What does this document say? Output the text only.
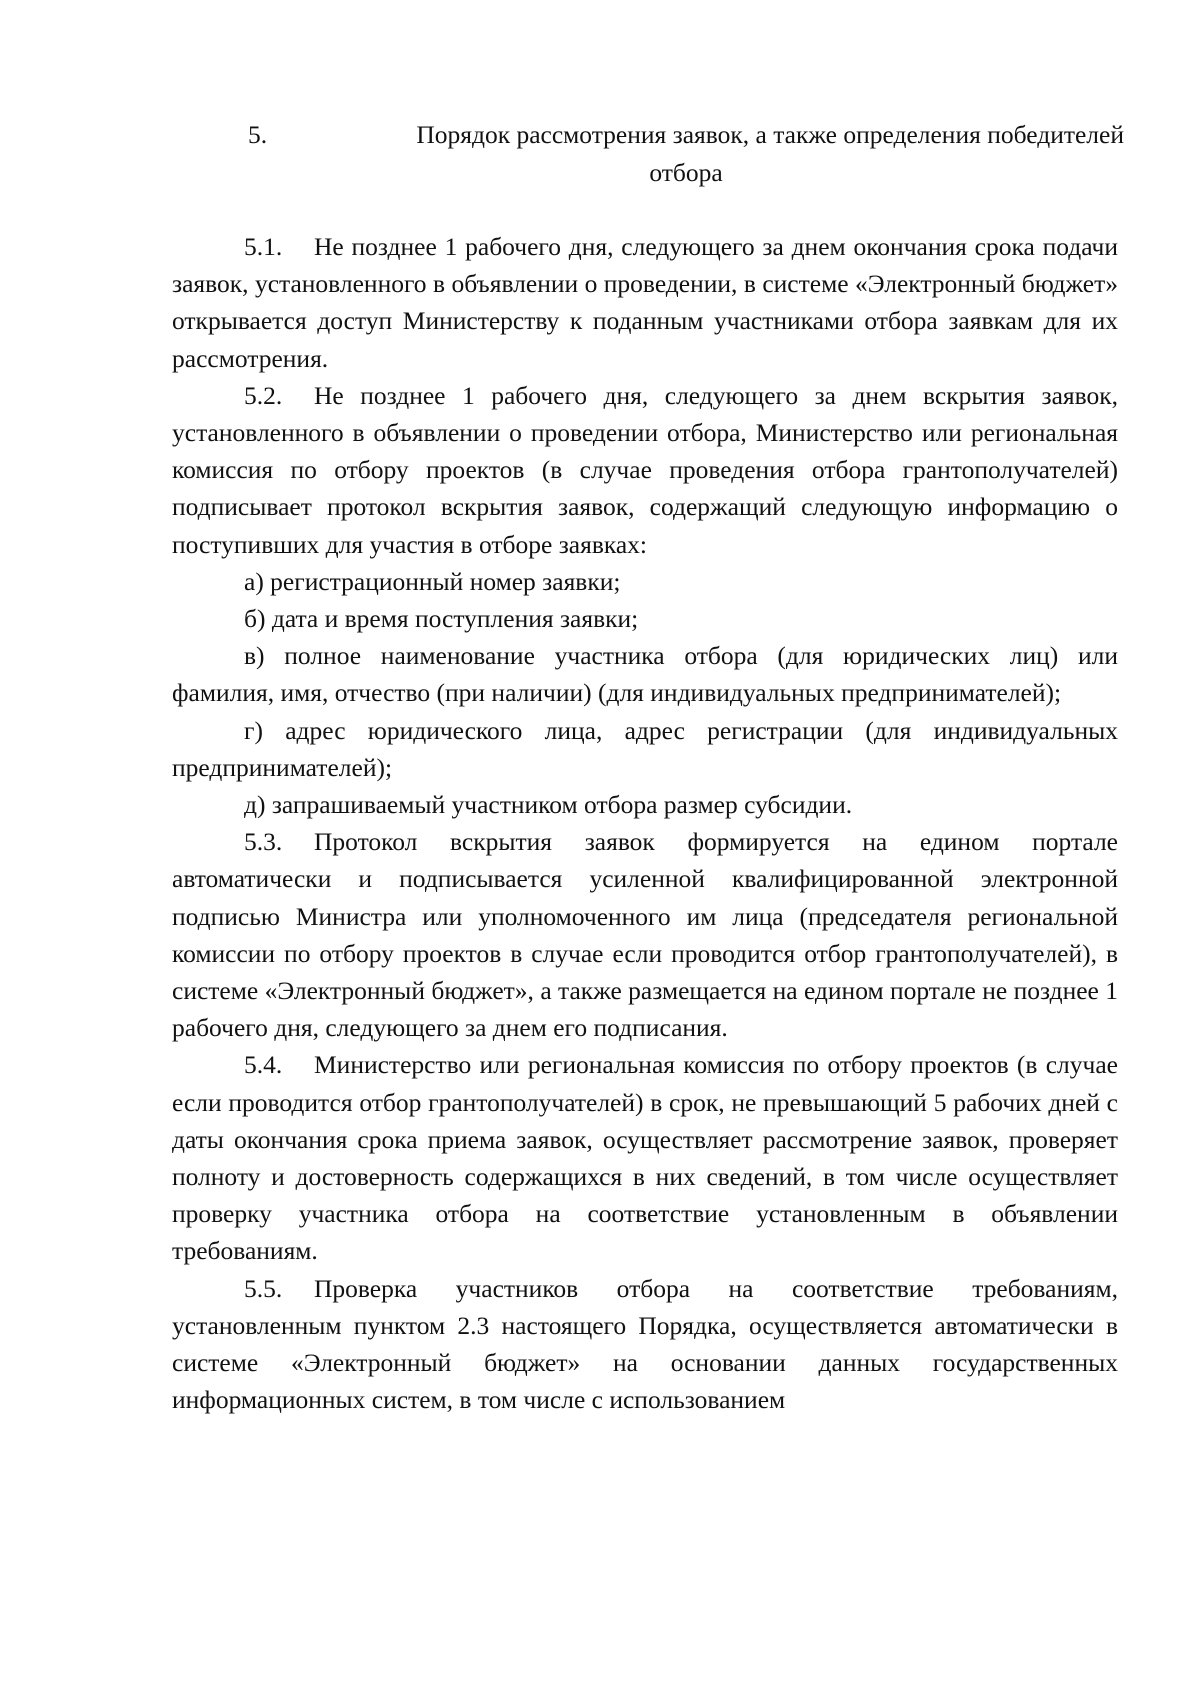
5.	Порядок рассмотрения заявок, а также определения победителей
отбора

5.1. Не позднее 1 рабочего дня, следующего за днем окончания срока подачи заявок, установленного в объявлении о проведении, в системе «Электронный бюджет» открывается доступ Министерству к поданным участниками отбора заявкам для их рассмотрения.

5.2. Не позднее 1 рабочего дня, следующего за днем вскрытия заявок, установленного в объявлении о проведении отбора, Министерство или региональная комиссия по отбору проектов (в случае проведения отбора грантополучателей) подписывает протокол вскрытия заявок, содержащий следующую информацию о поступивших для участия в отборе заявках:

а) регистрационный номер заявки;

б) дата и время поступления заявки;

в) полное наименование участника отбора (для юридических лиц) или фамилия, имя, отчество (при наличии) (для индивидуальных предпринимателей);

г) адрес юридического лица, адрес регистрации (для индивидуальных предпринимателей);

д) запрашиваемый участником отбора размер субсидии.

5.3. Протокол вскрытия заявок формируется на едином портале автоматически и подписывается усиленной квалифицированной электронной подписью Министра или уполномоченного им лица (председателя региональной комиссии по отбору проектов в случае если проводится отбор грантополучателей), в системе «Электронный бюджет», а также размещается на едином портале не позднее 1 рабочего дня, следующего за днем его подписания.

5.4. Министерство или региональная комиссия по отбору проектов (в случае если проводится отбор грантополучателей) в срок, не превышающий 5 рабочих дней с даты окончания срока приема заявок, осуществляет рассмотрение заявок, проверяет полноту и достоверность содержащихся в них сведений, в том числе осуществляет проверку участника отбора на соответствие установленным в объявлении требованиям.

5.5. Проверка участников отбора на соответствие требованиям, установленным пунктом 2.3 настоящего Порядка, осуществляется автоматически в системе «Электронный бюджет» на основании данных государственных информационных систем, в том числе с использованием
